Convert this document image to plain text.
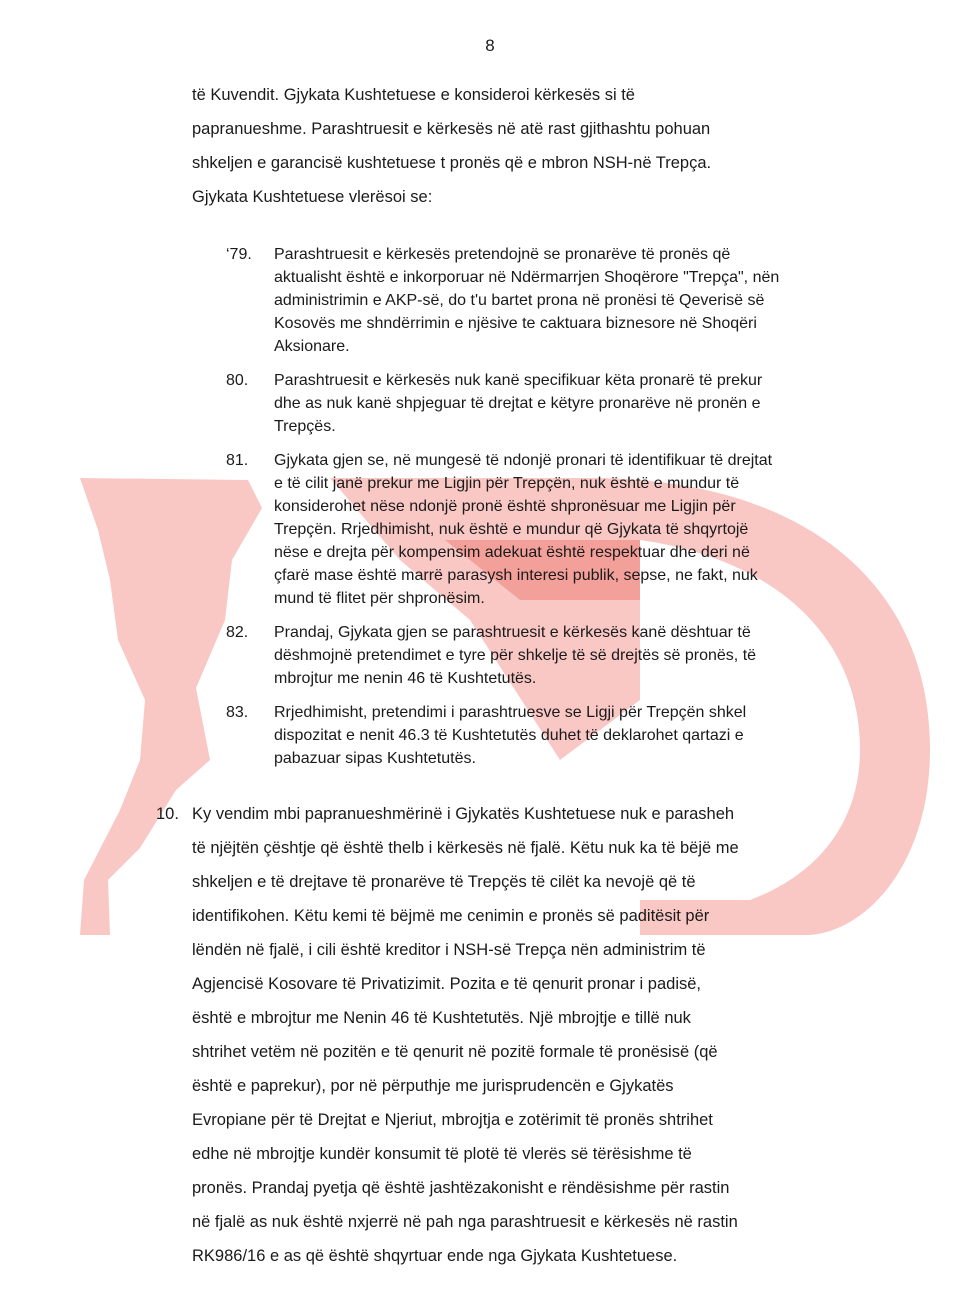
8
të Kuvendit. Gjykata Kushtetuese e konsideroi kërkesës si të
papranueshme. Parashtruesit e kërkesës në atë rast gjithashtu pohuan
shkeljen e garancisë kushtetuese t pronës që e mbron NSH-në Trepça.
Gjykata Kushtetuese vlerësoi se:
‘79. Parashtruesit e kërkesës pretendojnë se pronarëve të pronës që
aktualisht është e inkorporuar në Ndërmarrjen Shoqërore "Trepça", nën
administrimin e AKP-së, do t'u bartet prona në pronësi të Qeverisë së
Kosovës me shndërrimin e njësive te caktuara biznesore në Shoqëri
Aksionare.
80. Parashtruesit e kërkesës nuk kanë specifikuar këta pronarë të prekur
dhe as nuk kanë shpjeguar të drejtat e këtyre pronarëve në pronën e
Trepçës.
81. Gjykata gjen se, në mungesë të ndonjë pronari të identifikuar të drejtat
e të cilit janë prekur me Ligjin për Trepçën, nuk është e mundur të
konsiderohet nëse ndonjë pronë është shpronësuar me Ligjin për
Trepçën. Rrjedhimisht, nuk është e mundur që Gjykata të shqyrtojë
nëse e drejta për kompensim adekuat është respektuar dhe deri në
çfarë mase është marrë parasysh interesi publik, sepse, ne fakt, nuk
mund të flitet për shpronësim.
82. Prandaj, Gjykata gjen se parashtruesit e kërkesës kanë dështuar të
dëshmojnë pretendimet e tyre për shkelje të së drejtës së pronës, të
mbrojtur me nenin 46 të Kushtetutës.
83. Rrjedhimisht, pretendimi i parashtruesve se Ligji për Trepçën shkel
dispozitat e nenit 46.3 të Kushtetutës duhet të deklarohet qartazi e
pabazuar sipas Kushtetutës.
10. Ky vendim mbi papranueshmërinë i Gjykatës Kushtetuese nuk e parasheh
të njëjtën çështje që është thelb i kërkesës në fjalë. Këtu nuk ka të bëjë me
shkeljen e të drejtave të pronarëve të Trepçës të cilët ka nevojë që të
identifikohen. Këtu kemi të bëjmë me cenimin e pronës së paditësit për
lëndën në fjalë, i cili është kreditor i NSH-së Trepça nën administrim të
Agjencisë Kosovare të Privatizimit. Pozita e të qenurit pronar i padisë,
është e mbrojtur me Nenin 46 të Kushtetutës. Një mbrojtje e tillë nuk
shtrihet vetëm në pozitën e të qenurit në pozitë formale të pronësisë (që
është e paprekur), por në përputhje me jurisprudencën e Gjykatës
Evropiane për të Drejtat e Njeriut, mbrojtja e zotërimit të pronës shtrihet
edhe në mbrojtje kundër konsumit të plotë të vlerës së tërësishme të
pronës. Prandaj pyetja që është jashtëzakonisht e rëndësishme për rastin
në fjalë as nuk është nxjerrë në pah nga parashtruesit e kërkesës në rastin
RK986/16 e as që është shqyrtuar ende nga Gjykata Kushtetuese.
